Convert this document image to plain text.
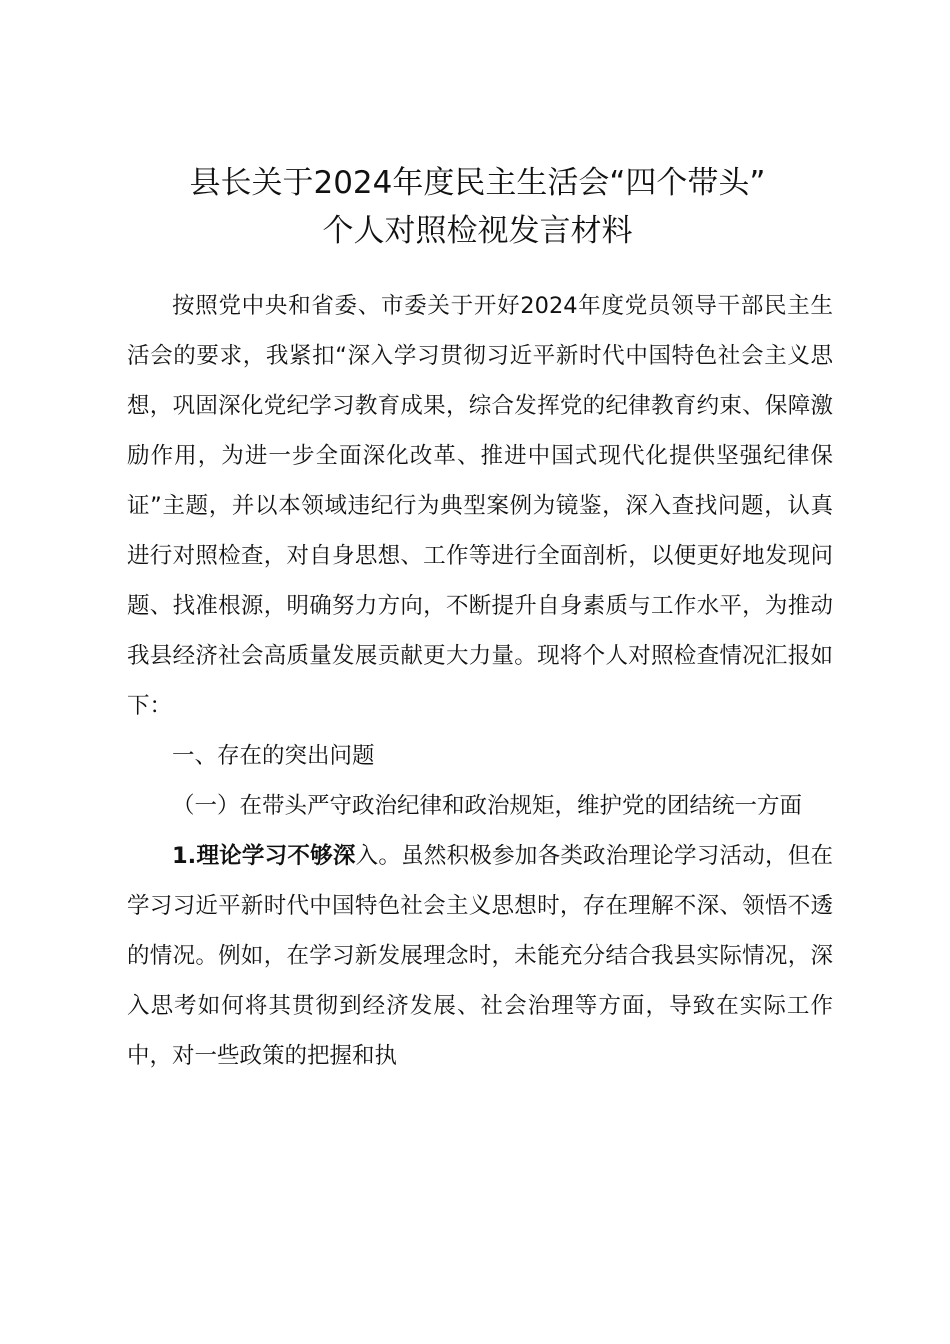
县长关于2024年度民主生活会“四个带头”
个人对照检视发言材料

按照党中央和省委、市委关于开好2024年度党员领导干部民主生活会的要求，我紧扣“深入学习贯彻习近平新时代中国特色社会主义思想，巩固深化党纪学习教育成果，综合发挥党的纪律教育约束、保障激励作用，为进一步全面深化改革、推进中国式现代化提供坚强纪律保证”主题，并以本领域违纪行为典型案例为镜鉴，深入查找问题，认真进行对照检查，对自身思想、工作等进行全面剖析，以便更好地发现问题、找准根源，明确努力方向，不断提升自身素质与工作水平，为推动我县经济社会高质量发展贡献更大力量。现将个人对照检查情况汇报如下：

一、存在的突出问题

（一）在带头严守政治纪律和政治规矩，维护党的团结统一方面

1.理论学习不够深入。虽然积极参加各类政治理论学习活动，但在学习习近平新时代中国特色社会主义思想时，存在理解不深、领悟不透的情况。例如，在学习新发展理念时，未能充分结合我县实际情况，深入思考如何将其贯彻到经济发展、社会治理等方面，导致在实际工作中，对一些政策的把握和执
